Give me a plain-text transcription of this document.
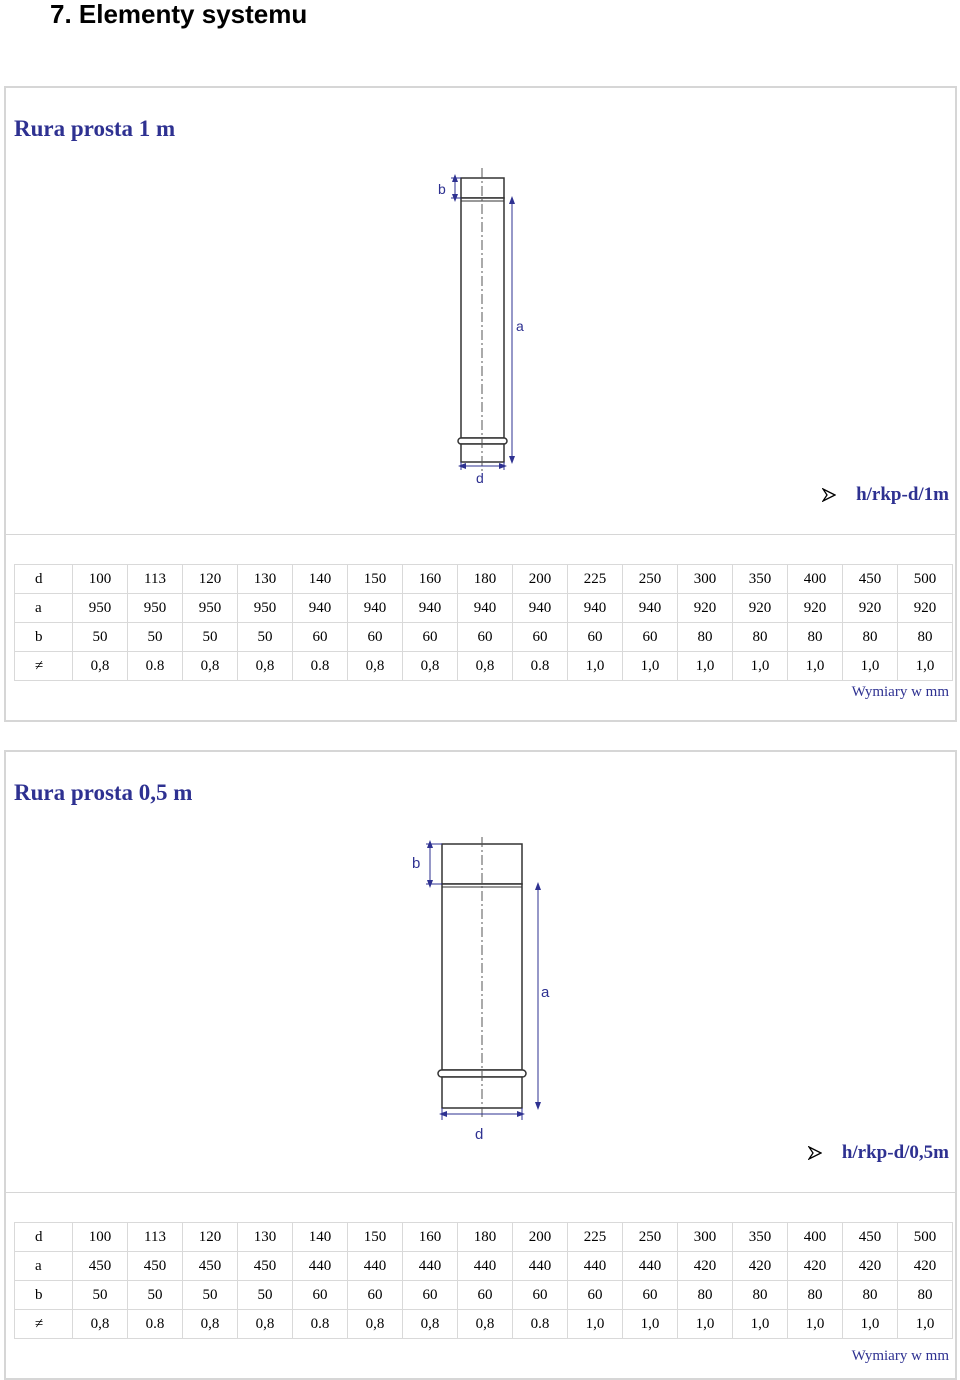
7. Elementy systemu
Rura prosta 1 m
b
a
d
h/rkp-d/1m
d	100	113	120	130	140	150	160	180	200	225	250	300	350	400	450	500
a	950	950	950	950	940	940	940	940	940	940	940	920	920	920	920	920
b	50	50	50	50	60	60	60	60	60	60	60	80	80	80	80	80
≠	0,8	0.8	0,8	0,8	0.8	0,8	0,8	0,8	0.8	1,0	1,0	1,0	1,0	1,0	1,0	1,0
Wymiary w mm
Rura prosta 0,5 m
b
a
d
h/rkp-d/0,5m
d	100	113	120	130	140	150	160	180	200	225	250	300	350	400	450	500
a	450	450	450	450	440	440	440	440	440	440	440	420	420	420	420	420
b	50	50	50	50	60	60	60	60	60	60	60	80	80	80	80	80
≠	0,8	0.8	0,8	0,8	0.8	0,8	0,8	0,8	0.8	1,0	1,0	1,0	1,0	1,0	1,0	1,0
Wymiary w mm
